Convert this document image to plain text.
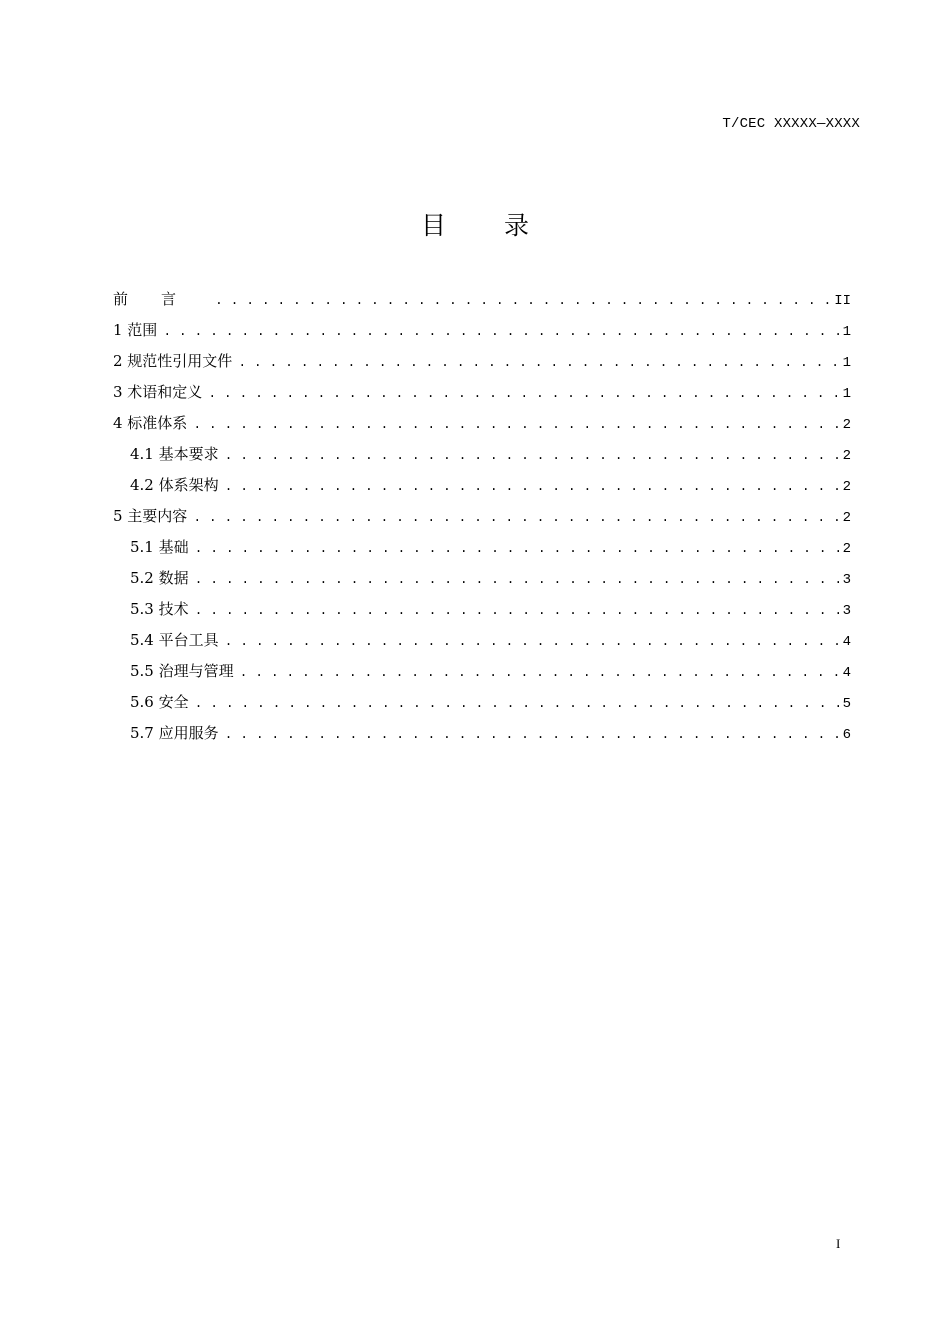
T/CEC XXXXX—XXXX
目录
前言 . . .	II
1 范围 . . .	1
2 规范性引用文件 . . .	1
3 术语和定义 . . .	1
4 标准体系 . . .	2
4.1 基本要求 . . .	2
4.2 体系架构 . . .	2
5 主要内容 . . .	2
5.1 基础 . . .	2
5.2 数据 . . .	3
5.3 技术 . . .	3
5.4 平台工具 . . .	4
5.5 治理与管理 . . .	4
5.6 安全 . . .	5
5.7 应用服务 . . .	6
I
